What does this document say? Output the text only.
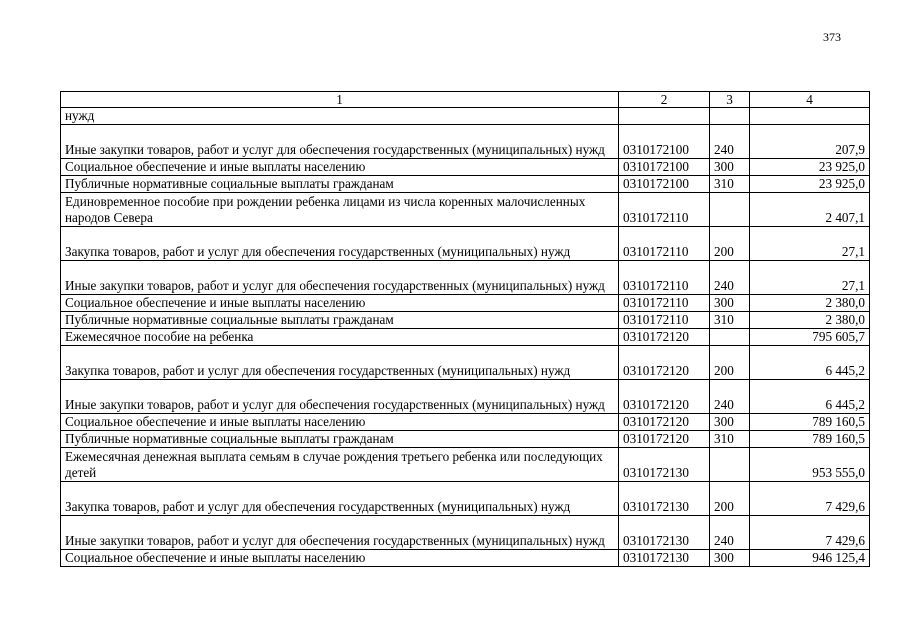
373
1	2	3	4
нужд			
Иные закупки товаров, работ и услуг для обеспечения государственных (муниципальных) нужд	0310172100	240	207,9
Социальное обеспечение и иные выплаты населению	0310172100	300	23 925,0
Публичные нормативные социальные выплаты гражданам	0310172100	310	23 925,0
Единовременное пособие при рождении ребенка лицами из числа коренных малочисленных народов Севера	0310172110		2 407,1
Закупка товаров, работ и услуг для обеспечения государственных (муниципальных) нужд	0310172110	200	27,1
Иные закупки товаров, работ и услуг для обеспечения государственных (муниципальных) нужд	0310172110	240	27,1
Социальное обеспечение и иные выплаты населению	0310172110	300	2 380,0
Публичные нормативные социальные выплаты гражданам	0310172110	310	2 380,0
Ежемесячное пособие на ребенка	0310172120		795 605,7
Закупка товаров, работ и услуг для обеспечения государственных (муниципальных) нужд	0310172120	200	6 445,2
Иные закупки товаров, работ и услуг для обеспечения государственных (муниципальных) нужд	0310172120	240	6 445,2
Социальное обеспечение и иные выплаты населению	0310172120	300	789 160,5
Публичные нормативные социальные выплаты гражданам	0310172120	310	789 160,5
Ежемесячная денежная выплата семьям в случае рождения третьего ребенка или последующих детей	0310172130		953 555,0
Закупка товаров, работ и услуг для обеспечения государственных (муниципальных) нужд	0310172130	200	7 429,6
Иные закупки товаров, работ и услуг для обеспечения государственных (муниципальных) нужд	0310172130	240	7 429,6
Социальное обеспечение и иные выплаты населению	0310172130	300	946 125,4
